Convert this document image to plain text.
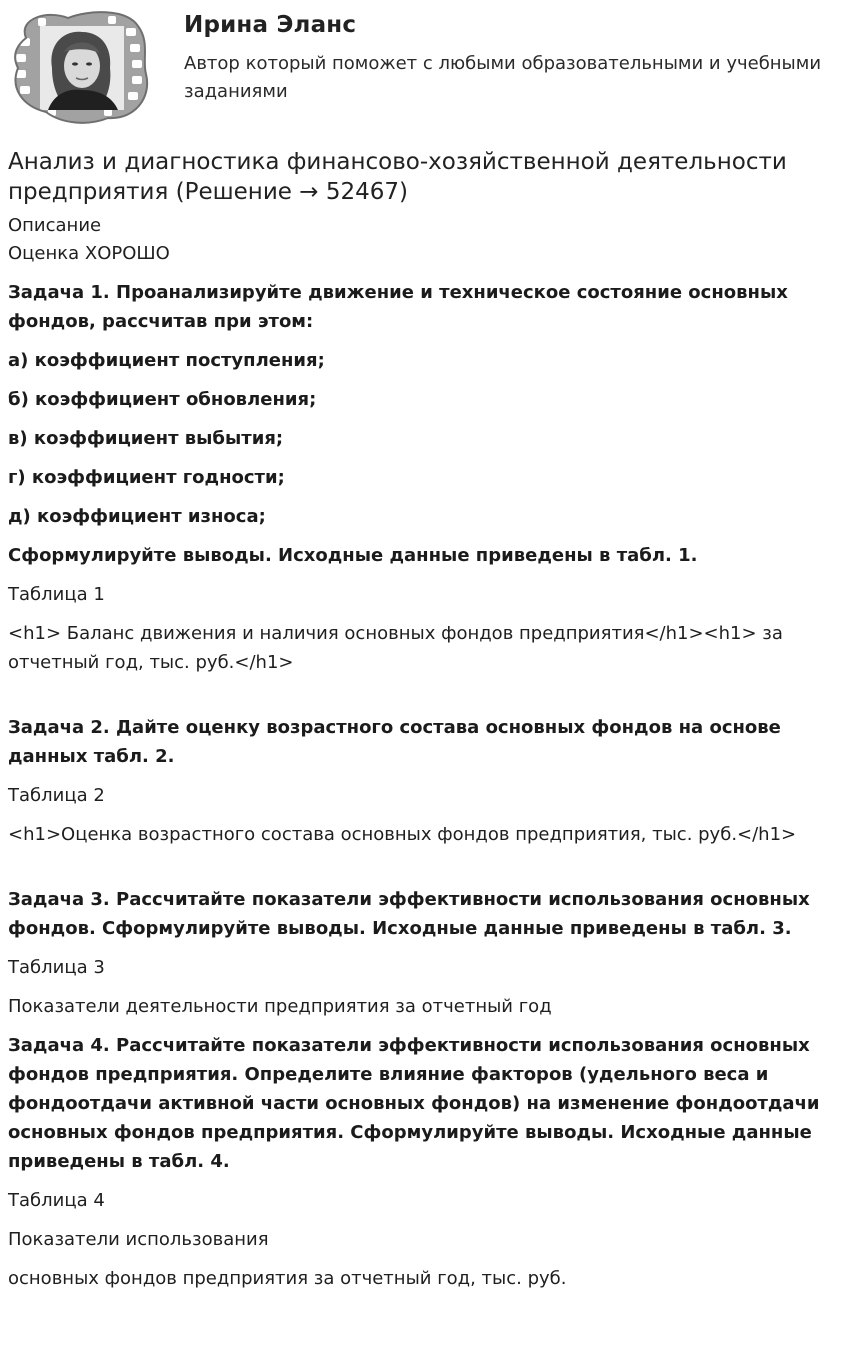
Ирина Эланс

Автор который поможет с любыми образовательными и учебными заданиями

Анализ и диагностика финансово-хозяйственной деятельности предприятия (Решение → 52467)
Описание
Оценка ХОРОШО

Задача 1. Проанализируйте движение и техническое состояние основных фондов, рассчитав при этом:

а) коэффициент поступления;

б) коэффициент обновления;

в) коэффициент выбытия;

г) коэффициент годности;

д) коэффициент износа;

Сформулируйте выводы. Исходные данные приведены в табл. 1.

Таблица 1

<h1> Баланс движения и наличия основных фондов предприятия</h1><h1> за отчетный год, тыс. руб.</h1>

Задача 2. Дайте оценку возрастного состава основных фондов на основе данных табл. 2.

Таблица 2

<h1>Оценка возрастного состава основных фондов предприятия, тыс. руб.</h1>

Задача 3. Рассчитайте показатели эффективности использования основных фондов. Сформулируйте выводы. Исходные данные приведены в табл. 3.

Таблица 3

Показатели деятельности предприятия за отчетный год

Задача 4. Рассчитайте показатели эффективности использования основных фондов предприятия. Определите влияние факторов (удельного веса и фондоотдачи активной части основных фондов) на изменение фондоотдачи основных фондов предприятия. Сформулируйте выводы. Исходные данные приведены в табл. 4.

Таблица 4

Показатели использования

основных фондов предприятия за отчетный год, тыс. руб.
